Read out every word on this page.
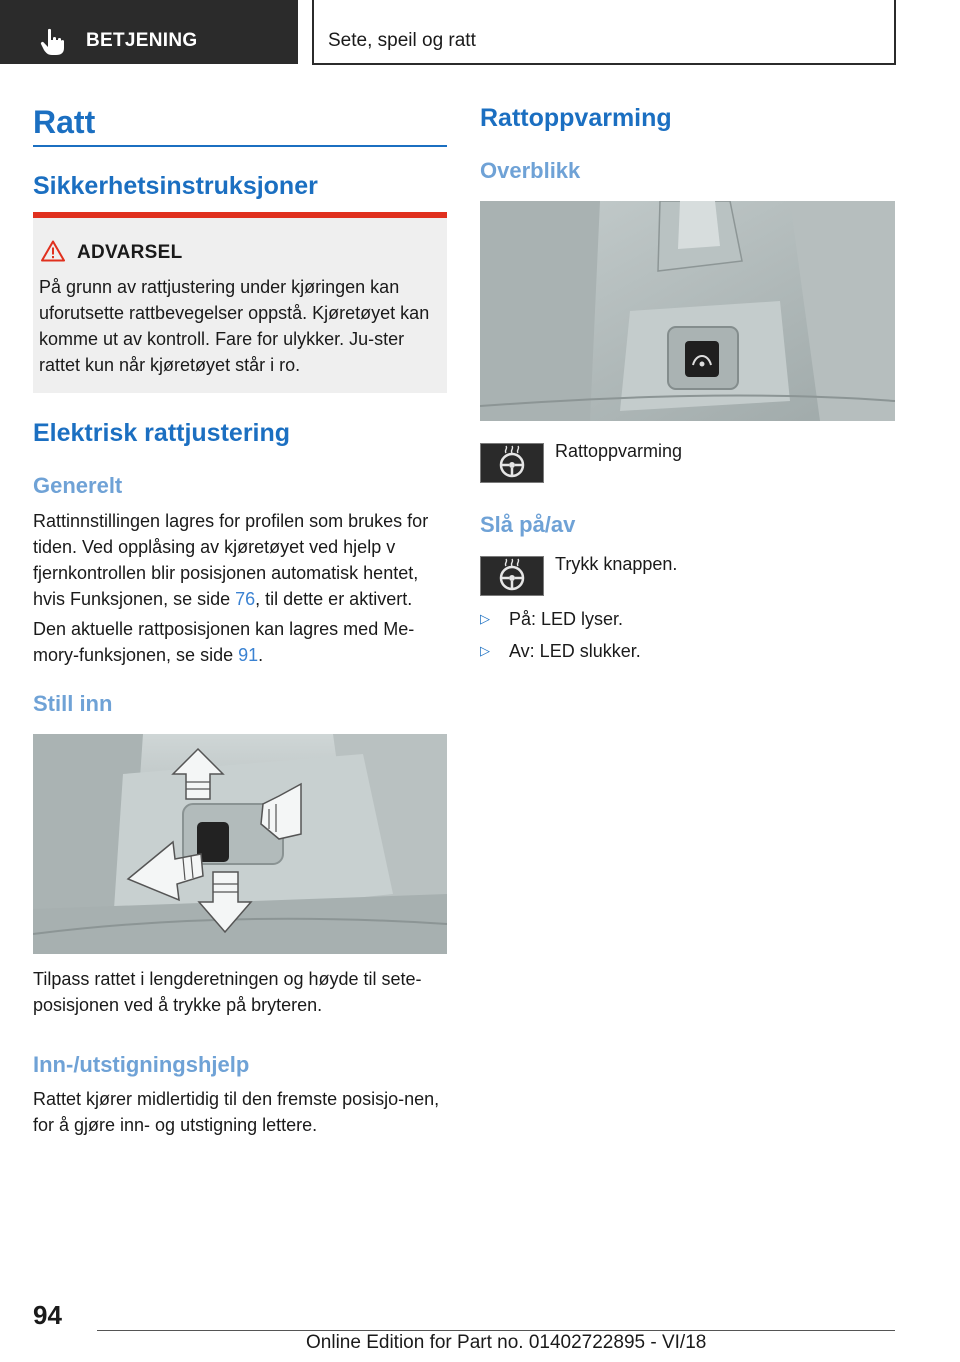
BETJENING	Sete, speil og ratt
Ratt
Sikkerhetsinstruksjoner
ADVARSEL

På grunn av rattjustering under kjøringen kan uforutsette rattbevegelser oppstå. Kjøretøyet kan komme ut av kontroll. Fare for ulykker. Ju-ster rattet kun når kjøretøyet står i ro.

Elektrisk rattjustering
Generelt

Rattinnstillingen lagres for profilen som brukes for tiden. Ved opplåsing av kjøretøyet ved hjelp v fjernkontrollen blir posisjonen automatisk hentet, hvis Funksjonen, se side 76, til dette er aktivert.

Den aktuelle rattposisjonen kan lagres med Me-mory-funksjonen, se side 91.

Still inn

Tilpass rattet i lengderetningen og høyde til sete-posisjonen ved å trykke på bryteren.

Inn-/utstigningshjelp

Rattet kjører midlertidig til den fremste posisjo-nen, for å gjøre inn- og utstigning lettere.

Rattoppvarming
Overblikk
Rattoppvarming
Slå på/av
Trykk knappen.
▷ På: LED lyser.
▷ Av: LED slukker.
94
Online Edition for Part no. 01402722895 - VI/18
